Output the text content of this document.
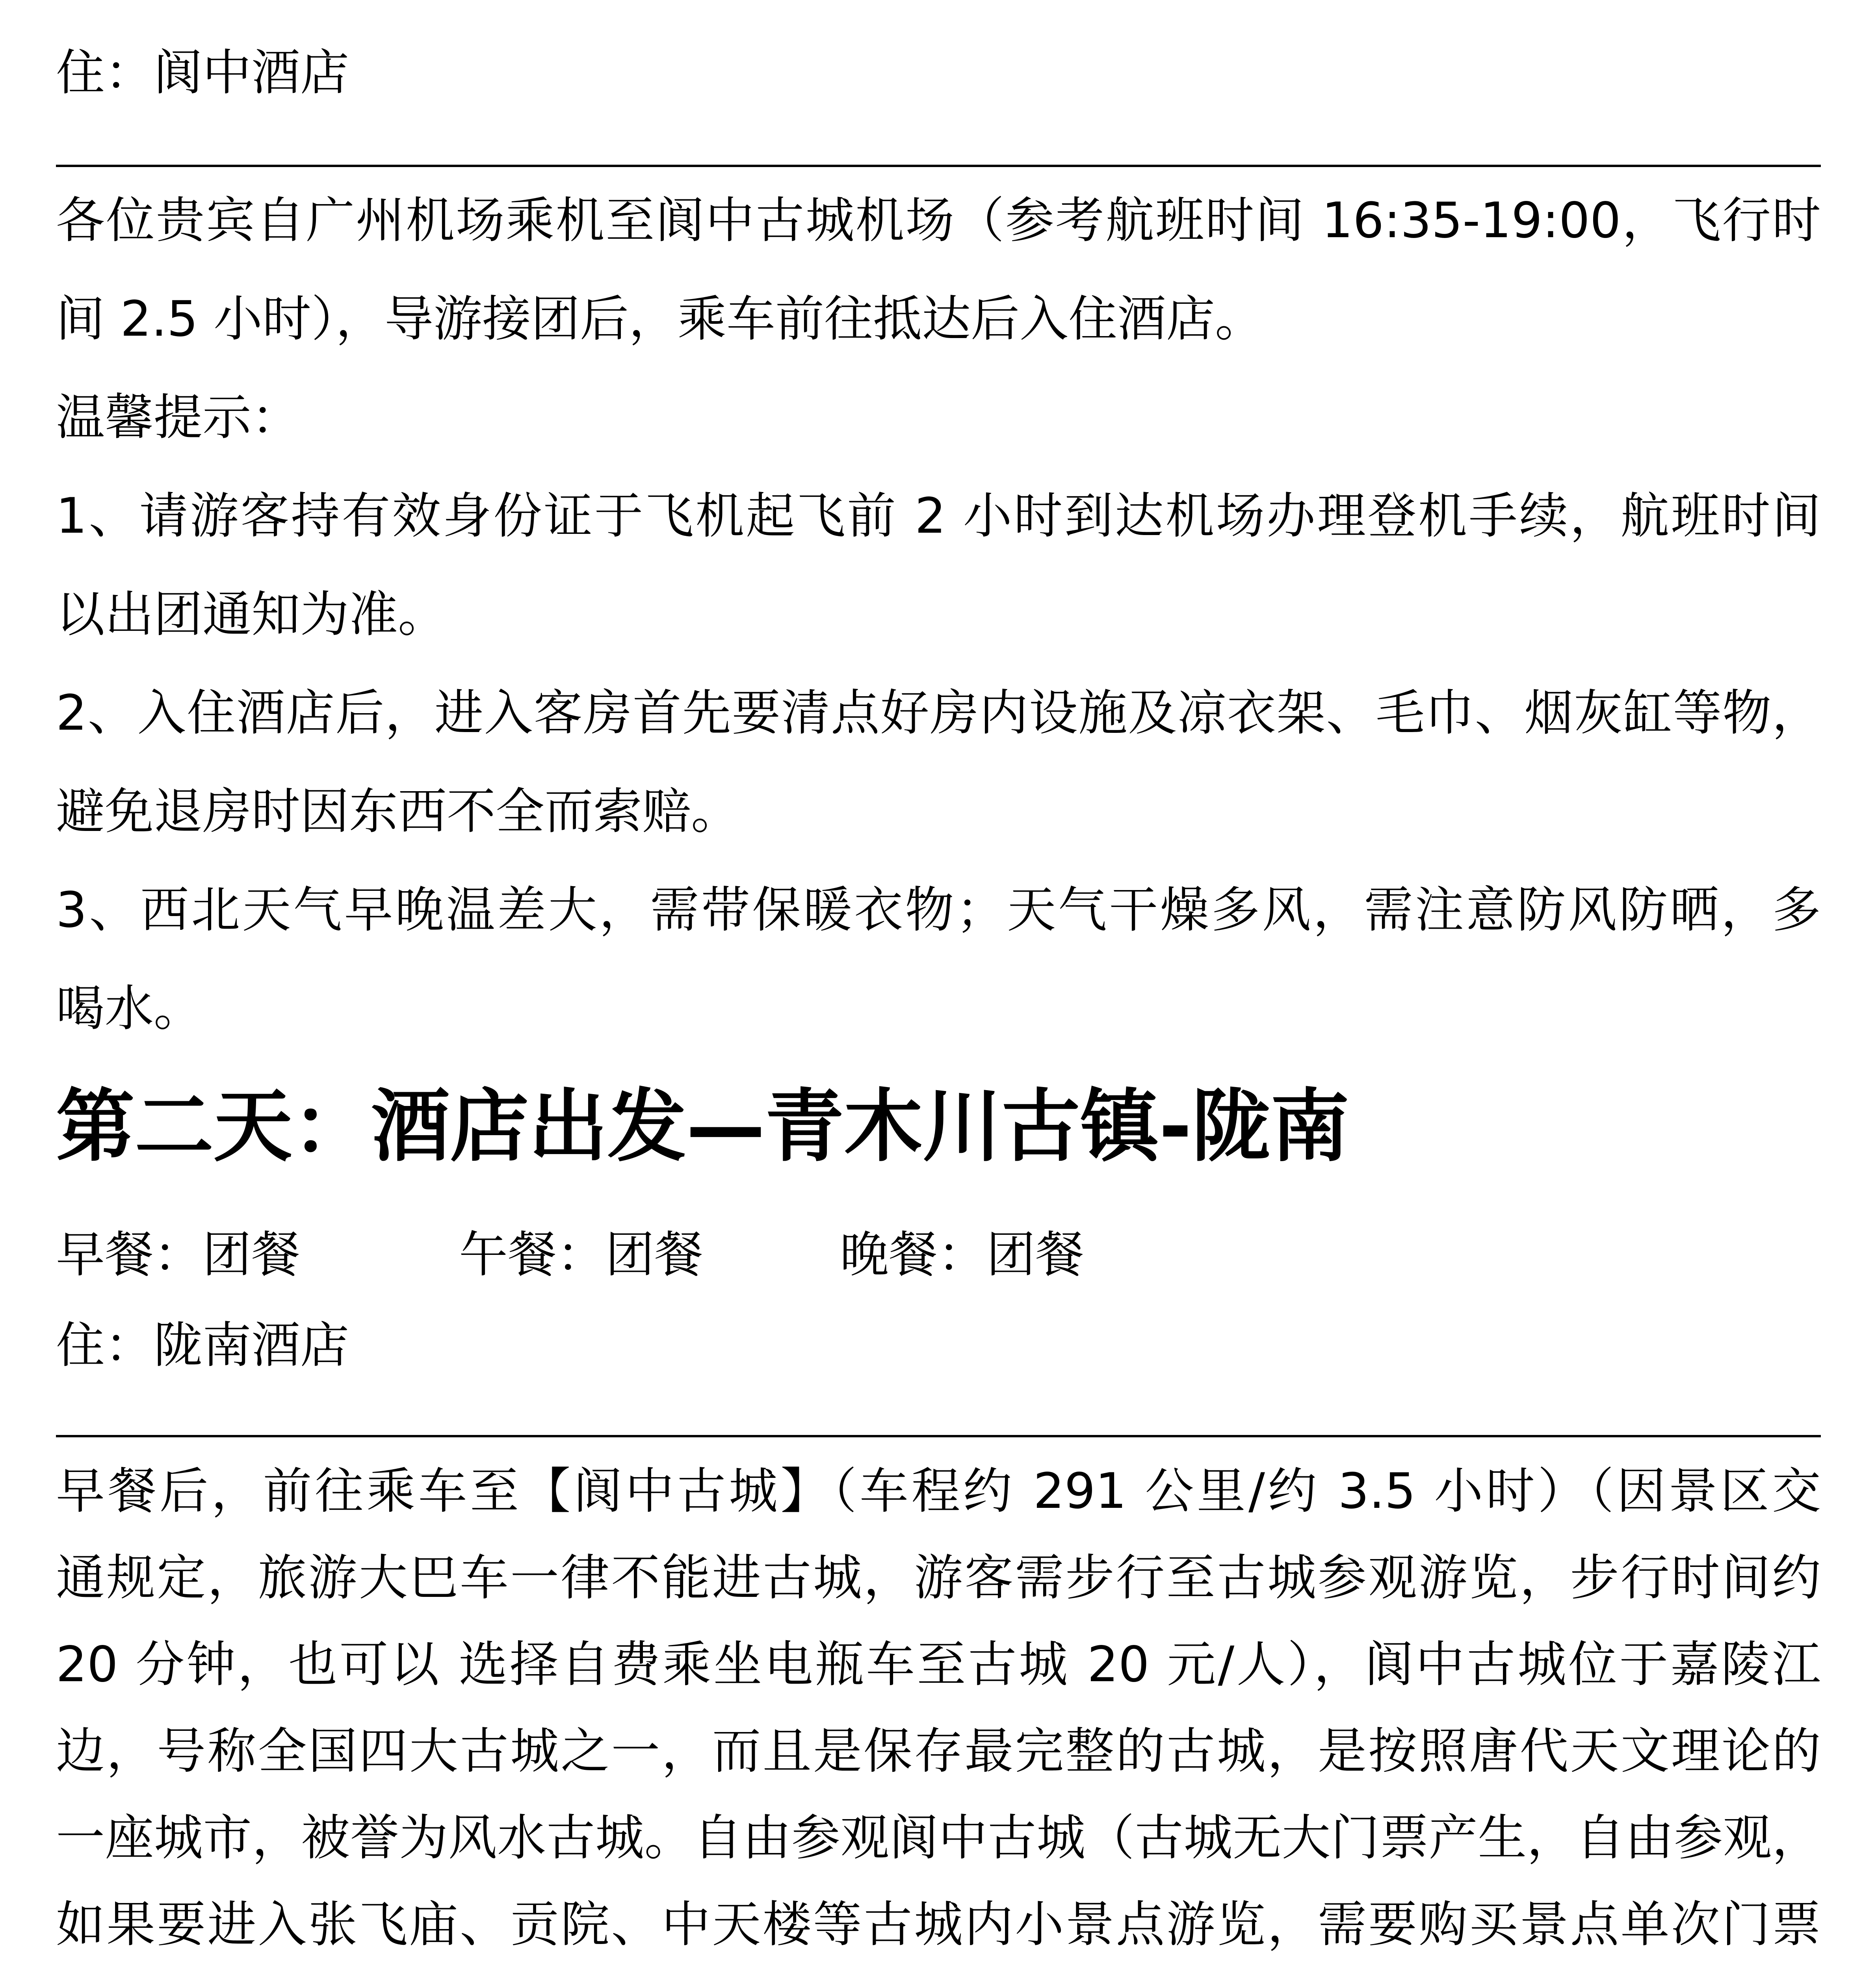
住：阆中酒店
各位贵宾自广州机场乘机至阆中古城机场（参考航班时间 16:35-19:00，飞行时
间 2.5 小时），导游接团后，乘车前往抵达后入住酒店。
温馨提示：
1、请游客持有效身份证于飞机起飞前 2 小时到达机场办理登机手续，航班时间
以出团通知为准。
2、入住酒店后，进入客房首先要清点好房内设施及凉衣架、毛巾、烟灰缸等物，
避免退房时因东西不全而索赔。
3、西北天气早晚温差大，需带保暖衣物；天气干燥多风，需注意防风防晒，多
喝水。
第二天：酒店出发—青木川古镇-陇南
早餐：团餐	午餐：团餐	晚餐：团餐
住：陇南酒店
早餐后，前往乘车至【阆中古城】（车程约 291 公里/约 3.5 小时）（因景区交
通规定，旅游大巴车一律不能进古城，游客需步行至古城参观游览，步行时间约
20 分钟，也可以 选择自费乘坐电瓶车至古城 20 元/人），阆中古城位于嘉陵江
边，号称全国四大古城之一，而且是保存最完整的古城，是按照唐代天文理论的
一座城市，被誉为风水古城。自由参观阆中古城（古城无大门票产生，自由参观，
如果要进入张飞庙、贡院、中天楼等古城内小景点游览，需要购买景点单次门票
